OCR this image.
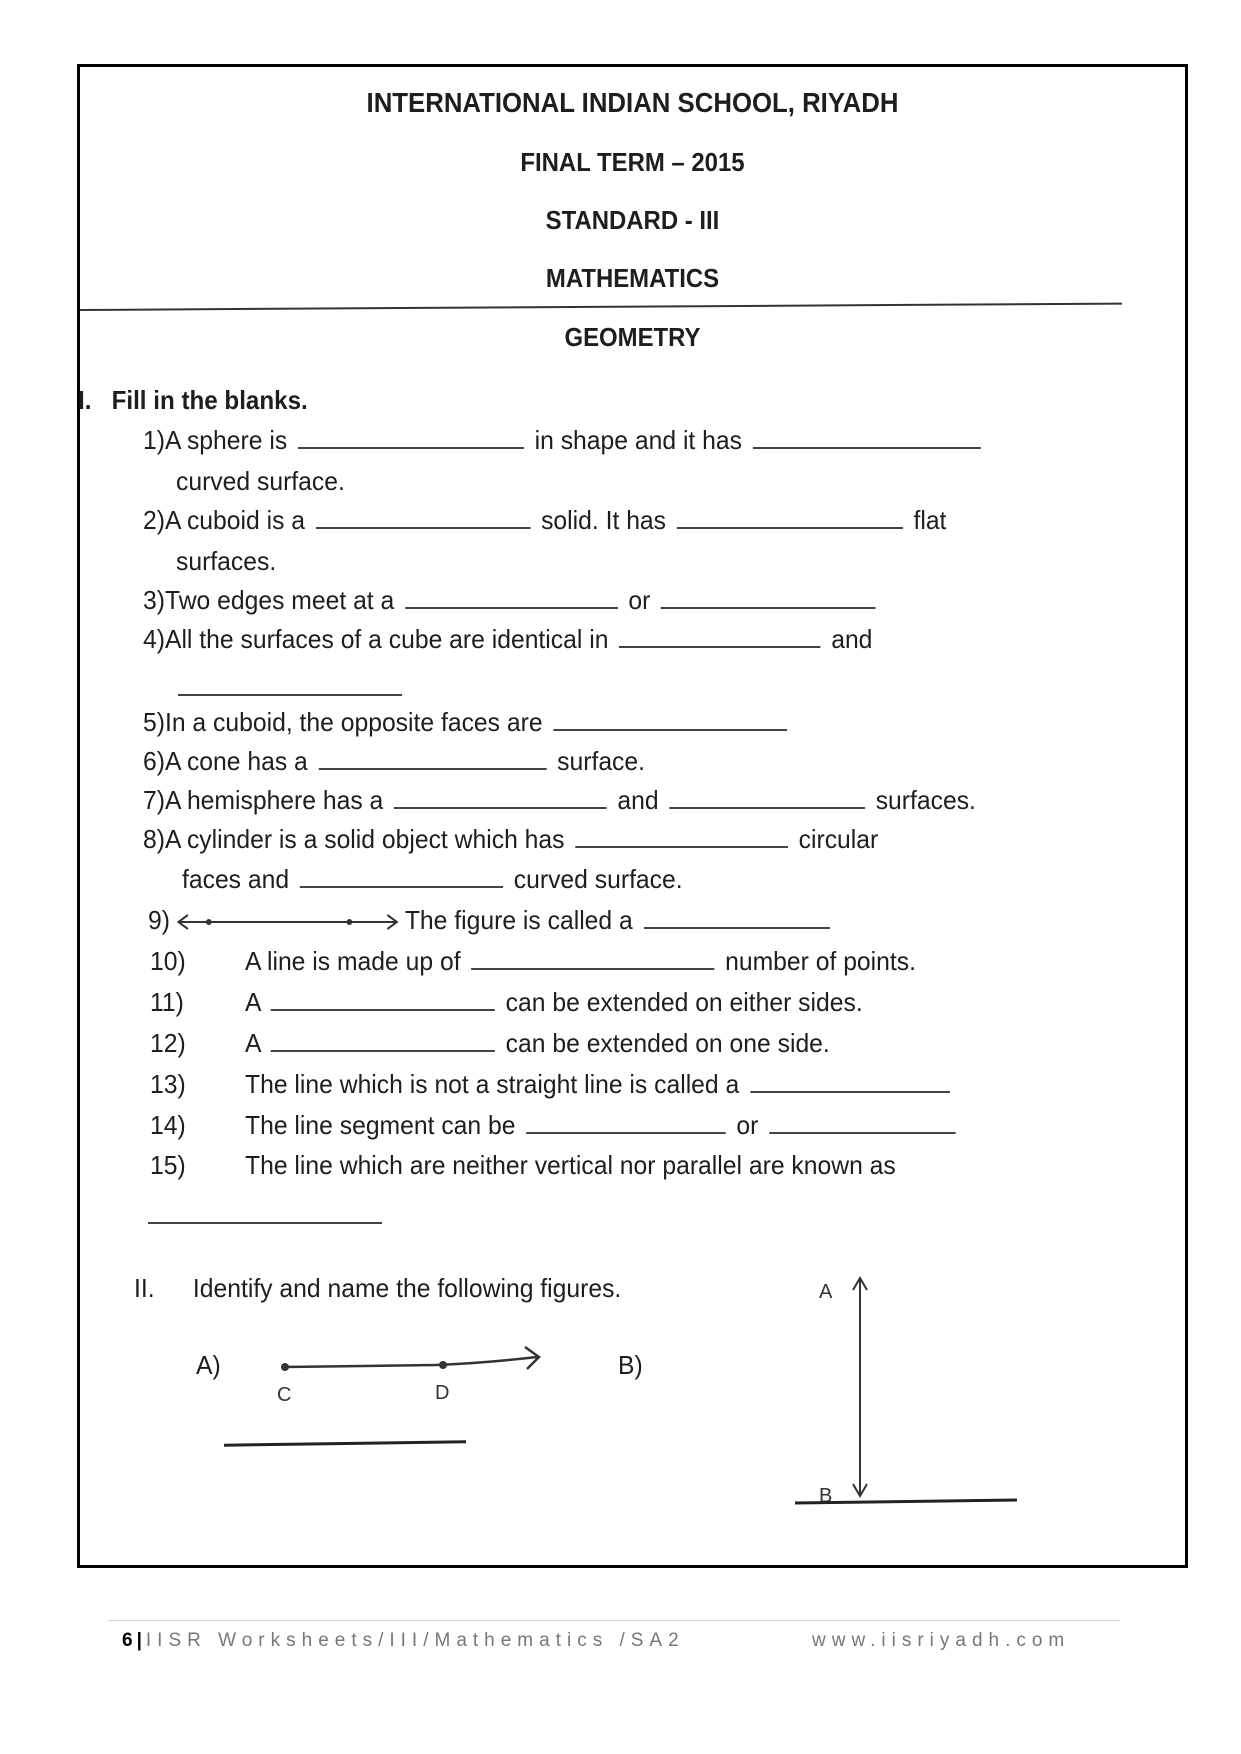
INTERNATIONAL INDIAN SCHOOL, RIYADH
FINAL TERM – 2015
STANDARD - III
MATHEMATICS
GEOMETRY
I. Fill in the blanks.
1)A sphere is	in shape and it has
curved surface.
2)A cuboid is a	solid. It has	flat
surfaces.
3)Two edges meet at a	or
4)All the surfaces of a cube are identical in	and
5)In a cuboid, the opposite faces are
6)A cone has a	surface.
7)A hemisphere has a	and	surfaces.
8)A cylinder is a solid object which has	circular
faces and	curved surface.
9)	The figure is called a
10) A line is made up of	number of points.
11) A	can be extended on either sides.
12) A	can be extended on one side.
13) The line which is not a straight line is called a
14) The line segment can be	or
15) The line which are neither vertical nor parallel are known as
II. Identify and name the following figures.
A)
C	D
B)
A
B
6 | IISR Worksheets/III/Mathematics /SA2	www.iisriyadh.com
